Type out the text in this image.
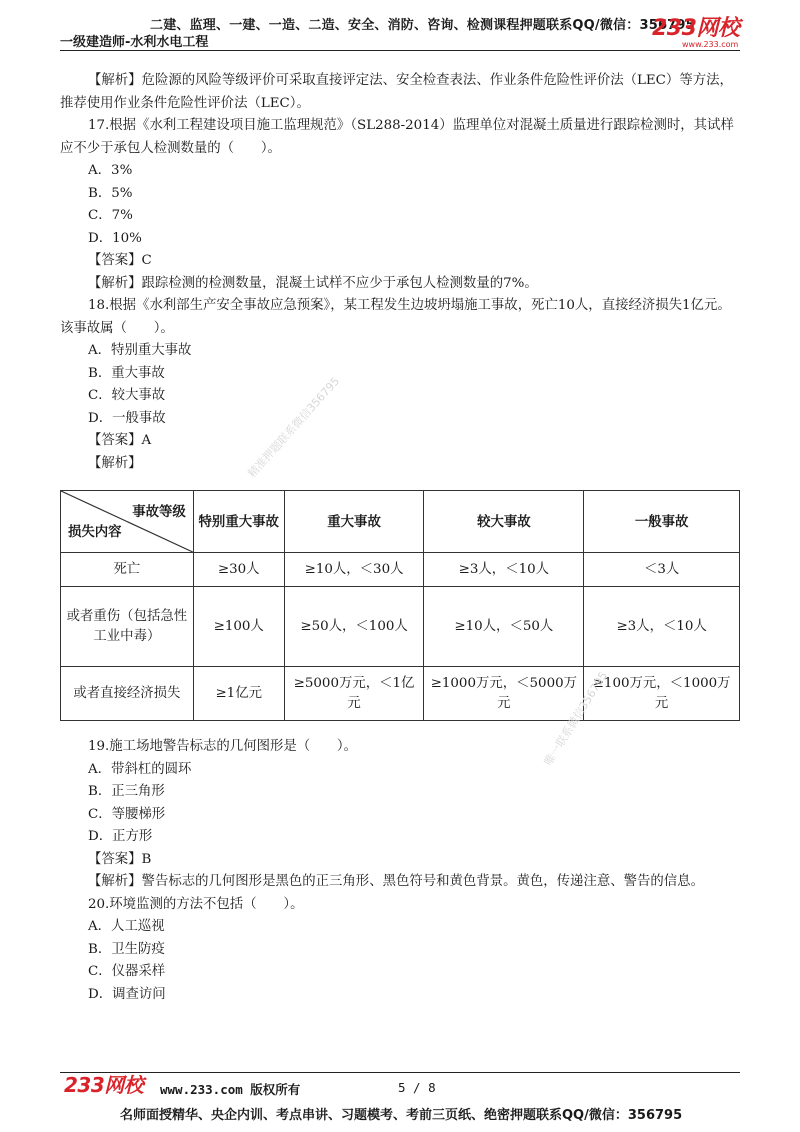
二建、监理、一建、一造、二造、安全、消防、咨询、检测课程押题联系QQ/微信：356795
一级建造师-水利水电工程
233网校
www.233.com
【解析】危险源的风险等级评价可采取直接评定法、安全检查表法、作业条件危险性评价法（LEC）等方法，推荐使用作业条件危险性评价法（LEC）。
17.根据《水利工程建设项目施工监理规范》（SL288-2014）监理单位对混凝土质量进行跟踪检测时，其试样应不少于承包人检测数量的（　　）。
A．3%
B．5%
C．7%
D．10%
【答案】C
【解析】跟踪检测的检测数量，混凝土试样不应少于承包人检测数量的7%。
18.根据《水利部生产安全事故应急预案》，某工程发生边坡坍塌施工事故，死亡10人，直接经济损失1亿元。该事故属（　　）。
A．特别重大事故
B．重大事故
C．较大事故
D．一般事故
【答案】A
【解析】
事故等级
损失内容	特别重大事故	重大事故	较大事故	一般事故
死亡	≥30人	≥10人，＜30人	≥3人，＜10人	＜3人
或者重伤（包括急性工业中毒）	≥100人	≥50人，＜100人	≥10人，＜50人	≥3人，＜10人
或者直接经济损失	≥1亿元	≥5000万元，＜1亿元	≥1000万元，＜5000万元	≥100万元，＜1000万元
精准押题联系微信356795
唯一联系微信356795
19.施工场地警告标志的几何图形是（　　）。
A．带斜杠的圆环
B．正三角形
C．等腰梯形
D．正方形
【答案】B
【解析】警告标志的几何图形是黑色的正三角形、黑色符号和黄色背景。黄色，传递注意、警告的信息。
20.环境监测的方法不包括（　　）。
A．人工巡视
B．卫生防疫
C．仪器采样
D．调查访问
233网校 www.233.com 版权所有	5 / 8
名师面授精华、央企内训、考点串讲、习题模考、考前三页纸、绝密押题联系QQ/微信：356795
